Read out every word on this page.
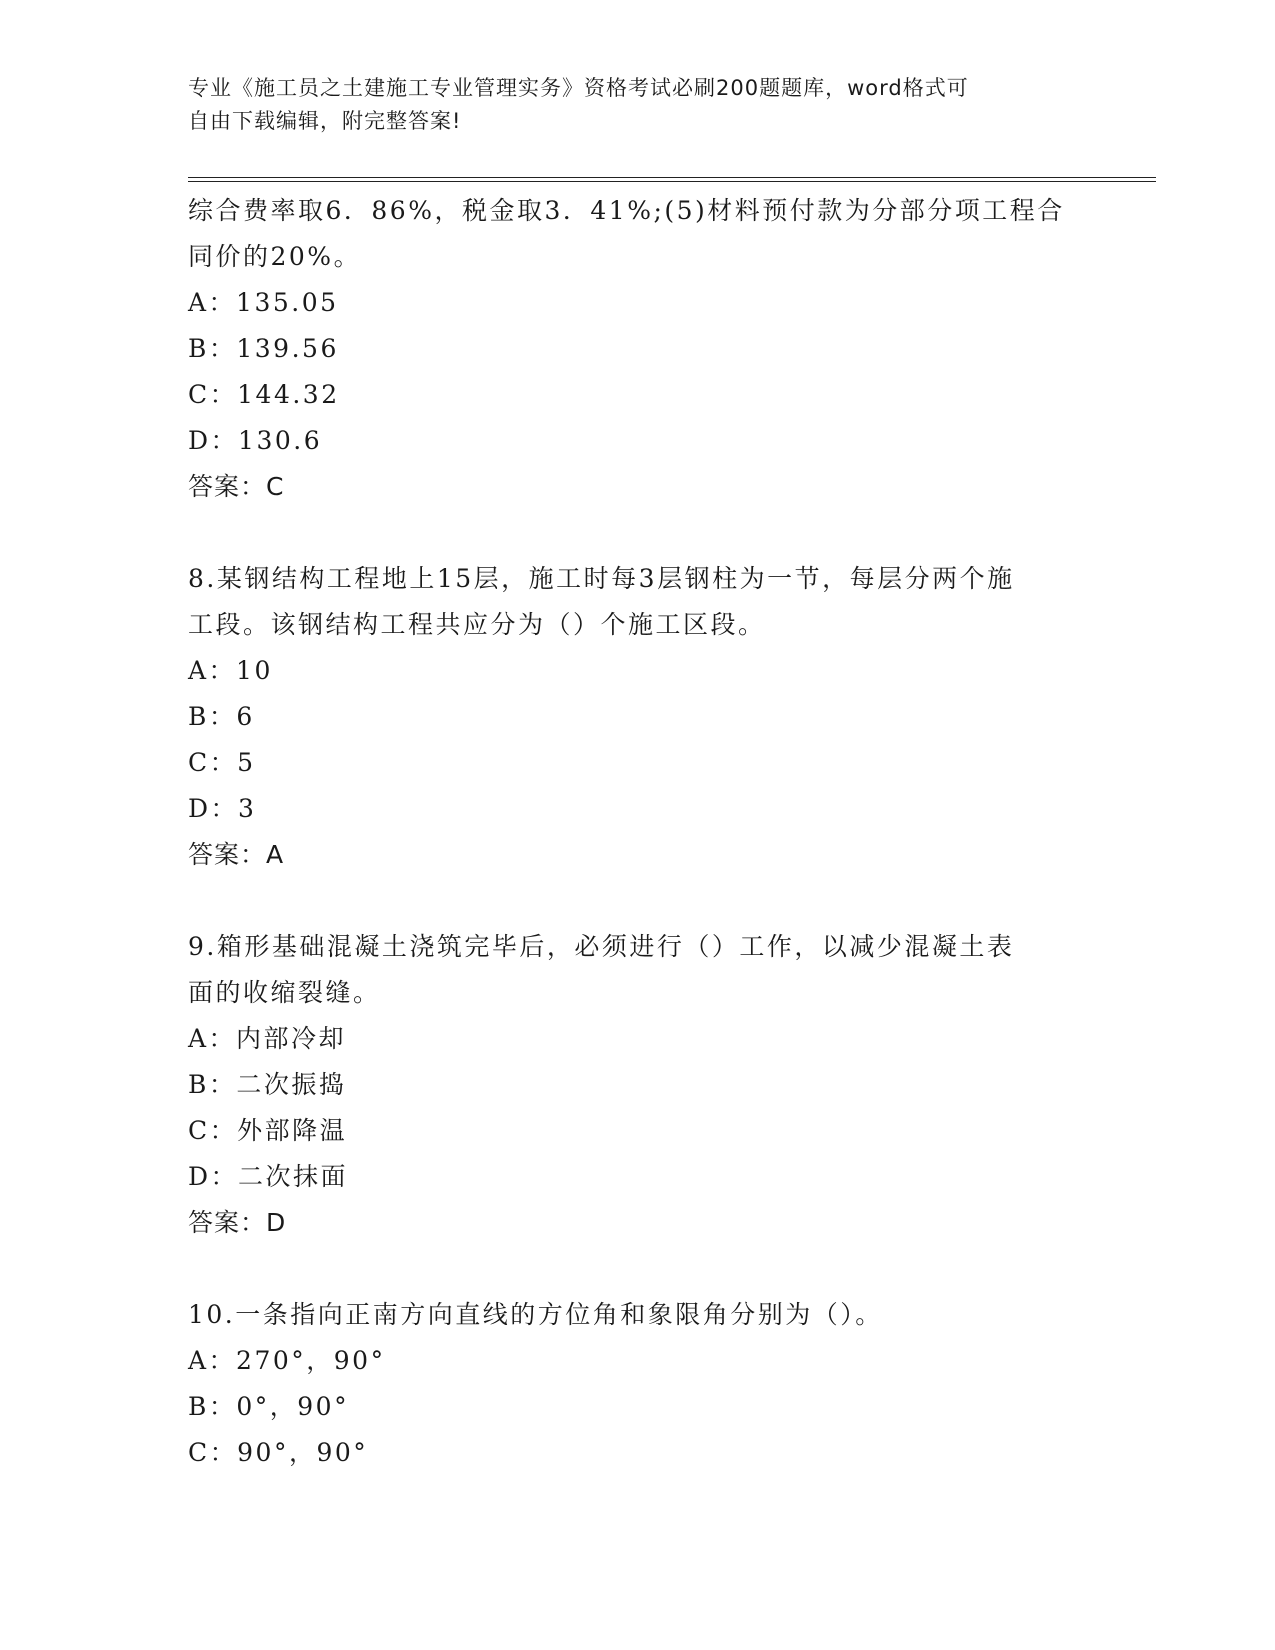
专业《施工员之土建施工专业管理实务》资格考试必刷200题题库，word格式可
自由下载编辑，附完整答案!
综合费率取6．86%，税金取3．41%;(5)材料预付款为分部分项工程合
同价的20%。
A：135.05
B：139.56
C：144.32
D：130.6
答案：C
8.某钢结构工程地上15层，施工时每3层钢柱为一节，每层分两个施
工段。该钢结构工程共应分为（）个施工区段。
A：10
B：6
C：5
D：3
答案：A
9.箱形基础混凝土浇筑完毕后，必须进行（）工作，以减少混凝土表
面的收缩裂缝。
A：内部冷却
B：二次振捣
C：外部降温
D：二次抹面
答案：D
10.一条指向正南方向直线的方位角和象限角分别为（）。
A：270°，90°
B：0°，90°
C：90°，90°
